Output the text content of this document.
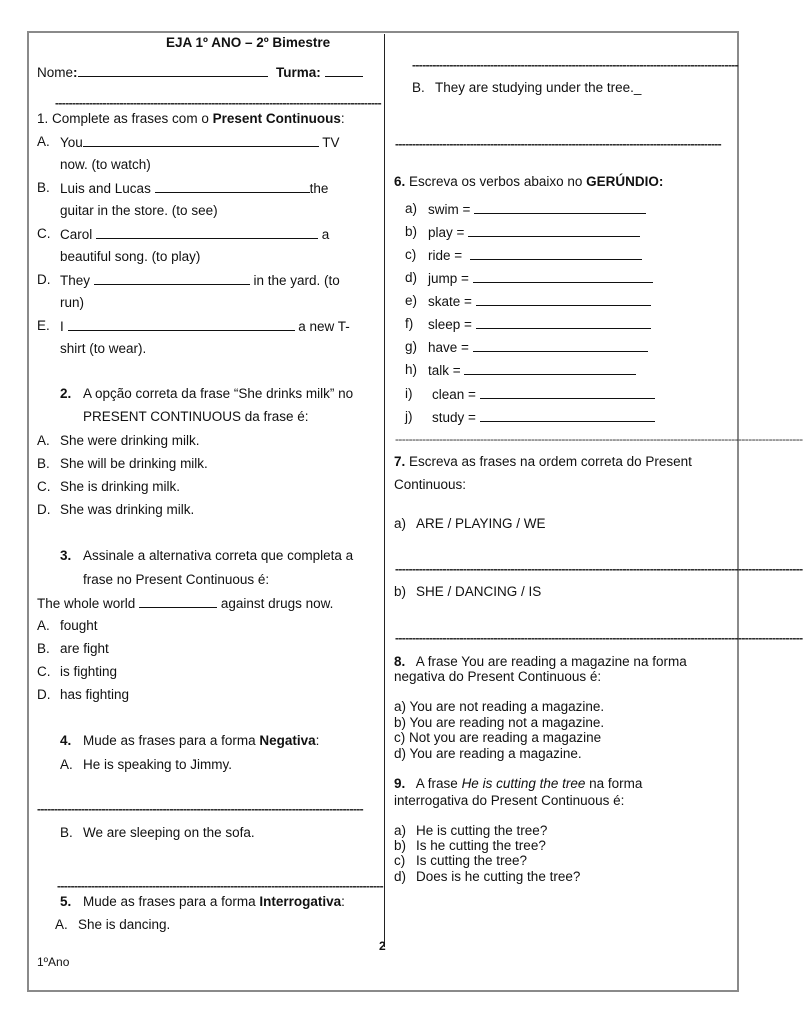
EJA 1º ANO – 2º Bimestre
Nome:	Turma:
------------------------------------------------------------------------------------------------
1. Complete as frases com o Present Continuous:
A. You	TV
now. (to watch)
B. Luis and Lucas	the
guitar in the store. (to see)
C. Carol	a
beautiful song. (to play)
D. They	in the yard. (to
run)
E. I	a new T-
shirt (to wear).
2. A opção correta da frase “She drinks milk” no
PRESENT CONTINUOUS da frase é:
A. She were drinking milk.
B. She will be drinking milk.
C. She is drinking milk.
D. She was drinking milk.
3. Assinale a alternativa correta que completa a
frase no Present Continuous é:
The whole world	against drugs now.
A. fought
B. are fight
C. is fighting
D. has fighting
4. Mude as frases para a forma Negativa:
A. He is speaking to Jimmy.
------------------------------------------------------------------------------------------------
B. We are sleeping on the sofa.
------------------------------------------------------------------------------------------------
5. Mude as frases para a forma Interrogativa:
A. She is dancing.
2
1ºAno
------------------------------------------------------------------------------------------------
B. They are studying under the tree._
------------------------------------------------------------------------------------------------
6. Escreva os verbos abaixo no GERÚNDIO:
a) swim =
b) play =
c) ride =
d) jump =
e) skate =
f) sleep =
g) have =
h) talk =
i) clean =
j) study =
------------------------------------------------------------------------------------------------------------------------
7. Escreva as frases na ordem correta do Present
Continuous:
a) ARE / PLAYING / WE
------------------------------------------------------------------------------------------------------------------------
b) SHE / DANCING / IS
------------------------------------------------------------------------------------------------------------------------
8. A frase You are reading a magazine na forma
negativa do Present Continuous é:
a) You are not reading a magazine.
b) You are reading not a magazine.
c) Not you are reading a magazine
d) You are reading a magazine.
9. A frase He is cutting the tree na forma
interrogativa do Present Continuous é:
a) He is cutting the tree?
b) Is he cutting the tree?
c) Is cutting the tree?
d) Does is he cutting the tree?
